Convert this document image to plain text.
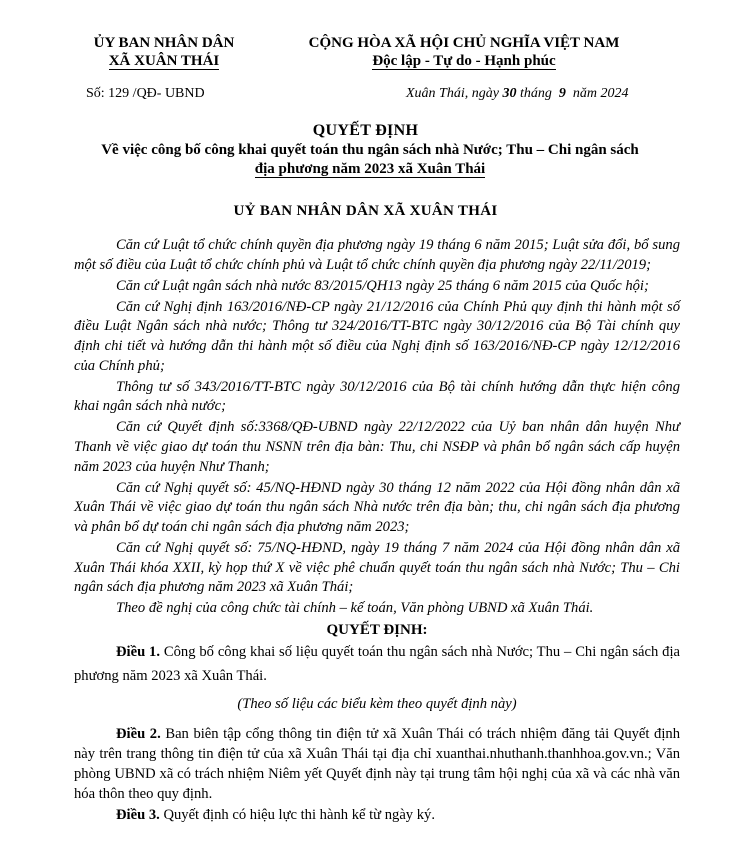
ỦY BAN NHÂN DÂN
XÃ XUÂN THÁI
CỘNG HÒA XÃ HỘI CHỦ NGHĨA VIỆT NAM
Độc lập - Tự do - Hạnh phúc
Số: 129 /QĐ- UBND	Xuân Thái, ngày 30 tháng 9 năm 2024
QUYẾT ĐỊNH
Về việc công bố công khai quyết toán thu ngân sách nhà Nước; Thu – Chi ngân sách
địa phương năm 2023 xã Xuân Thái
UỶ BAN NHÂN DÂN XÃ XUÂN THÁI

Căn cứ Luật tổ chức chính quyền địa phương ngày 19 tháng 6 năm 2015; Luật sửa đổi, bổ sung một số điều của Luật tổ chức chính phủ và Luật tổ chức chính quyền địa phương ngày 22/11/2019;

Căn cứ Luật ngân sách nhà nước 83/2015/QH13 ngày 25 tháng 6 năm 2015 của Quốc hội;

Căn cứ Nghị định 163/2016/NĐ-CP ngày 21/12/2016 của Chính Phủ quy định thi hành một số điều Luật Ngân sách nhà nước; Thông tư 324/2016/TT-BTC ngày 30/12/2016 của Bộ Tài chính quy định chi tiết và hướng dẫn thi hành một số điều của Nghị định số 163/2016/NĐ-CP ngày 12/12/2016 của Chính phủ;

Thông tư số 343/2016/TT-BTC ngày 30/12/2016 của Bộ tài chính hướng dẫn thực hiện công khai ngân sách nhà nước;

Căn cứ Quyết định số:3368/QĐ-UBND ngày 22/12/2022 của Uỷ ban nhân dân huyện Như Thanh về việc giao dự toán thu NSNN trên địa bàn: Thu, chi NSĐP và phân bổ ngân sách cấp huyện năm 2023 của huyện Như Thanh;

Căn cứ Nghị quyết số: 45/NQ-HĐND ngày 30 tháng 12 năm 2022 của Hội đồng nhân dân xã Xuân Thái về việc giao dự toán thu ngân sách Nhà nước trên địa bàn; thu, chi ngân sách địa phương và phân bổ dự toán chi ngân sách địa phương năm 2023;

Căn cứ Nghị quyết số: 75/NQ-HĐND, ngày 19 tháng 7 năm 2024 của Hội đồng nhân dân xã Xuân Thái khóa XXII, kỳ họp thứ X về việc phê chuẩn quyết toán thu ngân sách nhà Nước; Thu – Chi ngân sách địa phương năm 2023 xã Xuân Thái;

Theo đề nghị của công chức tài chính – kế toán, Văn phòng UBND xã Xuân Thái.

QUYẾT ĐỊNH:

Điều 1. Công bố công khai số liệu quyết toán thu ngân sách nhà Nước; Thu – Chi ngân sách địa phương năm 2023 xã Xuân Thái.

(Theo số liệu các biểu kèm theo quyết định này)

Điều 2. Ban biên tập cổng thông tin điện tử xã Xuân Thái có trách nhiệm đăng tải Quyết định này trên trang thông tin điện tử của xã Xuân Thái tại địa chỉ xuanthai.nhuthanh.thanhhoa.gov.vn.; Văn phòng UBND xã có trách nhiệm Niêm yết Quyết định này tại trung tâm hội nghị của xã và các nhà văn hóa thôn theo quy định.

Điều 3. Quyết định có hiệu lực thi hành kể từ ngày ký.
